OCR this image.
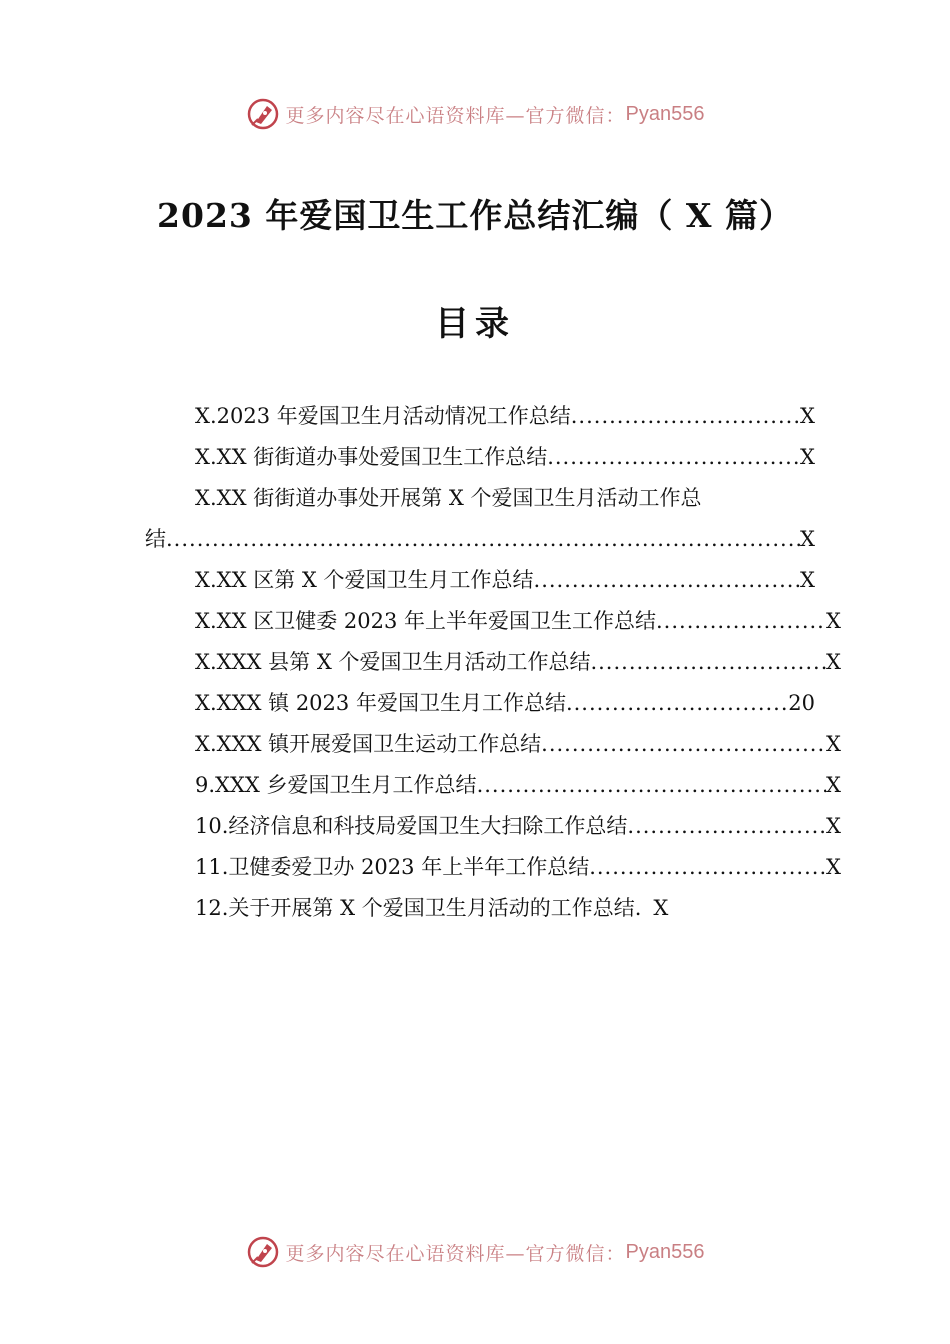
更多内容尽在心语资料库—官方微信： Pyan556
2023 年爱国卫生工作总结汇编（ X 篇）
目录
X.2023 年爱国卫生月活动情况工作总结 .....	X
X.XX 街街道办事处爱国卫生工作总结 .....	X
X.XX 街街道办事处开展第 X 个爱国卫生月活动工作总
结 .....	X
X.XX 区第 X 个爱国卫生月工作总结 .....	X
X.XX 区卫健委 2023 年上半年爱国卫生工作总结 .....	X
X.XXX 县第 X 个爱国卫生月活动工作总结 .....	X
X.XXX 镇 2023 年爱国卫生月工作总结 .....	20
X.XXX 镇开展爱国卫生运动工作总结 .....	X
9.XXX 乡爱国卫生月工作总结 .....	X
10.经济信息和科技局爱国卫生大扫除工作总结 .....	X
11.卫健委爱卫办 2023 年上半年工作总结 .....	X
12.关于开展第 X 个爱国卫生月活动的工作总结. X
更多内容尽在心语资料库—官方微信： Pyan556
